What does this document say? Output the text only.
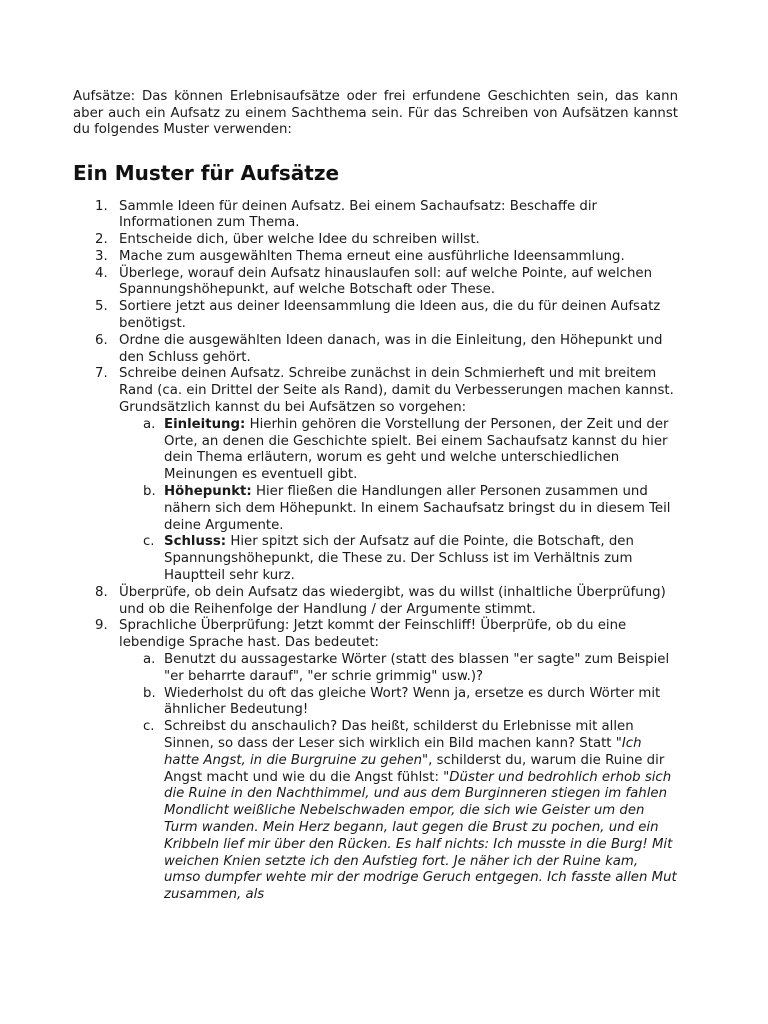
Aufsätze: Das können Erlebnisaufsätze oder frei erfundene Geschichten sein, das kann aber auch ein Aufsatz zu einem Sachthema sein. Für das Schreiben von Aufsätzen kannst du folgendes Muster verwenden:

Ein Muster für Aufsätze
1. Sammle Ideen für deinen Aufsatz. Bei einem Sachaufsatz: Beschaffe dir Informationen zum Thema.
2. Entscheide dich, über welche Idee du schreiben willst.
3. Mache zum ausgewählten Thema erneut eine ausführliche Ideensammlung.
4. Überlege, worauf dein Aufsatz hinauslaufen soll: auf welche Pointe, auf welchen Spannungshöhepunkt, auf welche Botschaft oder These.
5. Sortiere jetzt aus deiner Ideensammlung die Ideen aus, die du für deinen Aufsatz benötigst.
6. Ordne die ausgewählten Ideen danach, was in die Einleitung, den Höhepunkt und den Schluss gehört.
7. Schreibe deinen Aufsatz. Schreibe zunächst in dein Schmierheft und mit breitem Rand (ca. ein Drittel der Seite als Rand), damit du Verbesserungen machen kannst. Grundsätzlich kannst du bei Aufsätzen so vorgehen:
a. Einleitung: Hierhin gehören die Vorstellung der Personen, der Zeit und der Orte, an denen die Geschichte spielt. Bei einem Sachaufsatz kannst du hier dein Thema erläutern, worum es geht und welche unterschiedlichen Meinungen es eventuell gibt.
b. Höhepunkt: Hier fließen die Handlungen aller Personen zusammen und nähern sich dem Höhepunkt. In einem Sachaufsatz bringst du in diesem Teil deine Argumente.
c. Schluss: Hier spitzt sich der Aufsatz auf die Pointe, die Botschaft, den Spannungshöhepunkt, die These zu. Der Schluss ist im Verhältnis zum Hauptteil sehr kurz.
8. Überprüfe, ob dein Aufsatz das wiedergibt, was du willst (inhaltliche Überprüfung) und ob die Reihenfolge der Handlung / der Argumente stimmt.
9. Sprachliche Überprüfung: Jetzt kommt der Feinschliff! Überprüfe, ob du eine lebendige Sprache hast. Das bedeutet:
a. Benutzt du aussagestarke Wörter (statt des blassen "er sagte" zum Beispiel "er beharrte darauf", "er schrie grimmig" usw.)?
b. Wiederholst du oft das gleiche Wort? Wenn ja, ersetze es durch Wörter mit ähnlicher Bedeutung!
c. Schreibst du anschaulich? Das heißt, schilderst du Erlebnisse mit allen Sinnen, so dass der Leser sich wirklich ein Bild machen kann? Statt "Ich hatte Angst, in die Burgruine zu gehen", schilderst du, warum die Ruine dir Angst macht und wie du die Angst fühlst: "Düster und bedrohlich erhob sich die Ruine in den Nachthimmel, und aus dem Burginneren stiegen im fahlen Mondlicht weißliche Nebelschwaden empor, die sich wie Geister um den Turm wanden. Mein Herz begann, laut gegen die Brust zu pochen, und ein Kribbeln lief mir über den Rücken. Es half nichts: Ich musste in die Burg! Mit weichen Knien setzte ich den Aufstieg fort. Je näher ich der Ruine kam, umso dumpfer wehte mir der modrige Geruch entgegen. Ich fasste allen Mut zusammen, als
